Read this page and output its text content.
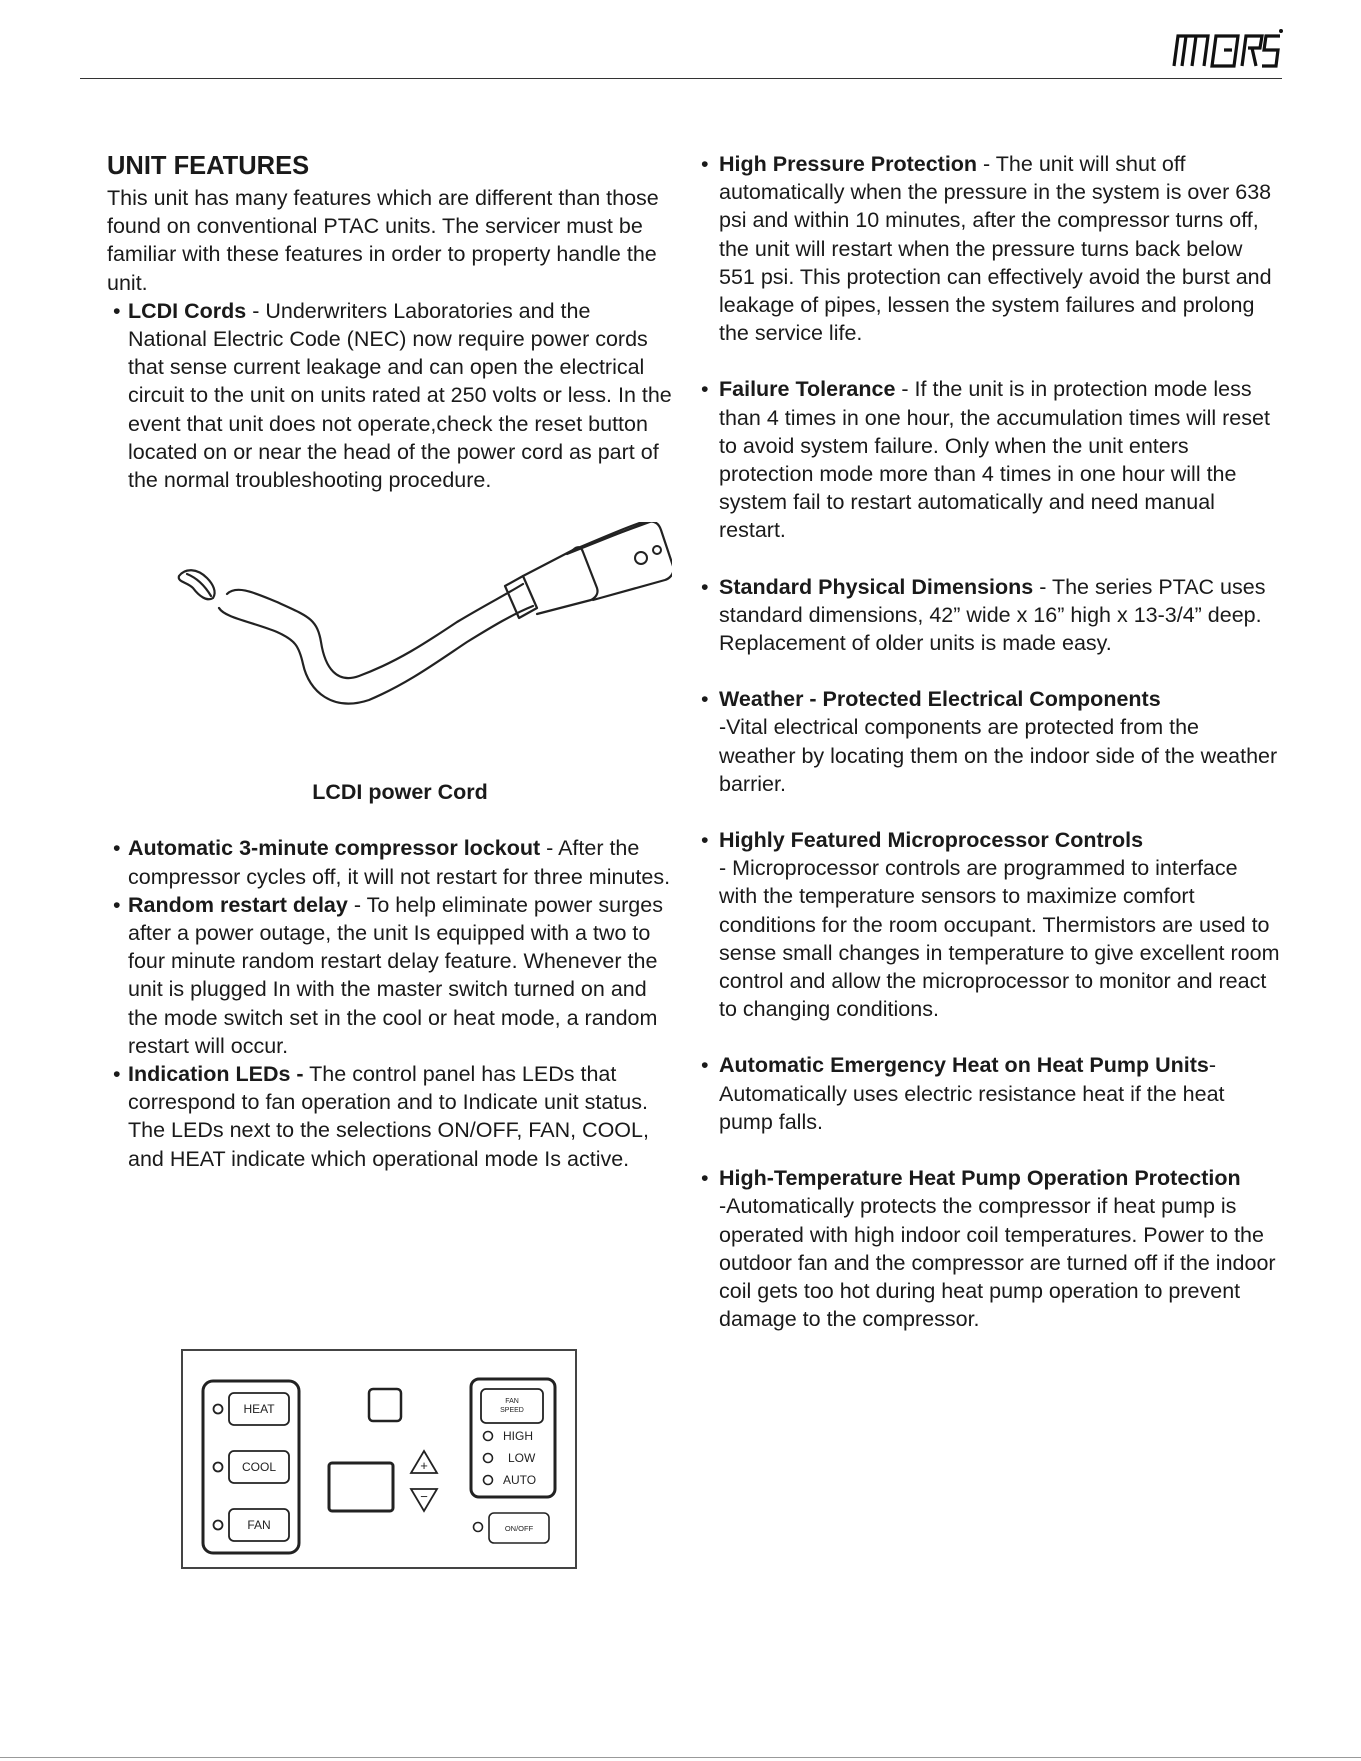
UNIT FEATURES

This unit has many features which are different than those found on conventional PTAC units. The servicer must be familiar with these features in order to property handle the unit.

• LCDI Cords - Underwriters Laboratories and the National Electric Code (NEC) now require power cords that sense current leakage and can open the electrical circuit to the unit on units rated at 250 volts or less. In the event that unit does not operate,check the reset button located on or near the head of the power cord as part of the normal troubleshooting procedure.
LCDI power Cord
• Automatic 3-minute compressor lockout - After the compressor cycles off, it will not restart for three minutes.
• Random restart delay - To help eliminate power surges after a power outage, the unit Is equipped with a two to four minute random restart delay feature. Whenever the unit is plugged In with the master switch turned on and the mode switch set in the cool or heat mode, a random restart will occur.
• Indication LEDs - The control panel has LEDs that correspond to fan operation and to Indicate unit status. The LEDs next to the selections ON/OFF, FAN, COOL, and HEAT indicate which operational mode Is active.
HEAT
COOL
FAN
+
−
FAN
SPEED
HIGH
LOW
AUTO
ON/OFF
• High Pressure Protection - The unit will shut off automatically when the pressure in the system is over 638 psi and within 10 minutes, after the compressor turns off, the unit will restart when the pressure turns back below 551 psi. This protection can effectively avoid the burst and leakage of pipes, lessen the system failures and prolong the service life.
• Failure Tolerance - If the unit is in protection mode less than 4 times in one hour, the accumulation times will reset to avoid system failure. Only when the unit enters protection mode more than 4 times in one hour will the system fail to restart automatically and need manual restart.
• Standard Physical Dimensions - The series PTAC uses standard dimensions, 42” wide x 16” high x 13-3/4” deep.
Replacement of older units is made easy.
• Weather - Protected Electrical Components
-Vital electrical components are protected from the weather by locating them on the indoor side of the weather barrier.
• Highly Featured Microprocessor Controls
- Microprocessor controls are programmed to interface with the temperature sensors to maximize comfort conditions for the room occupant. Thermistors are used to sense small changes in temperature to give excellent room control and allow the microprocessor to monitor and react to changing conditions.
• Automatic Emergency Heat on Heat Pump Units-Automatically uses electric resistance heat if the heat pump falls.
• High-Temperature Heat Pump Operation Protection
-Automatically protects the compressor if heat pump is operated with high indoor coil temperatures. Power to the outdoor fan and the compressor are turned off if the indoor coil gets too hot during heat pump operation to prevent damage to the compressor.
